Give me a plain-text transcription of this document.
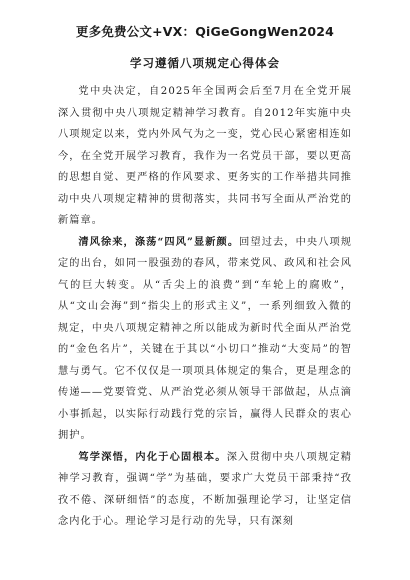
更多免费公文+VX：QiGeGongWen2024
学习遵循八项规定心得体会

党中央决定，自2025年全国两会后至7月在全党开展深入贯彻中央八项规定精神学习教育。自2012年实施中央八项规定以来，党内外风气为之一变，党心民心紧密相连如今，在全党开展学习教育，我作为一名党员干部，要以更高的思想自觉、更严格的作风要求、更务实的工作举措共同推动中央八项规定精神的贯彻落实，共同书写全面从严治党的新篇章。

清风徐来，涤荡“四风”显新颜。回望过去，中央八项规定的出台，如同一股强劲的春风，带来党风、政风和社会风气的巨大转变。从“舌尖上的浪费”到“车轮上的腐败”，从“文山会海”到“指尖上的形式主义”，一系列细致入微的规定，中央八项规定精神之所以能成为新时代全面从严治党的“金色名片”，关键在于其以“小切口”推动“大变局”的智慧与勇气。它不仅仅是一项项具体规定的集合，更是理念的传递——党要管党、从严治党必须从领导干部做起，从点滴小事抓起，以实际行动践行党的宗旨，赢得人民群众的衷心拥护。

笃学深悟，内化于心固根本。深入贯彻中央八项规定精神学习教育，强调“学”为基础，要求广大党员干部秉持“孜孜不倦、深研细悟”的态度，不断加强理论学习，让坚定信念内化于心。理论学习是行动的先导，只有深刻
